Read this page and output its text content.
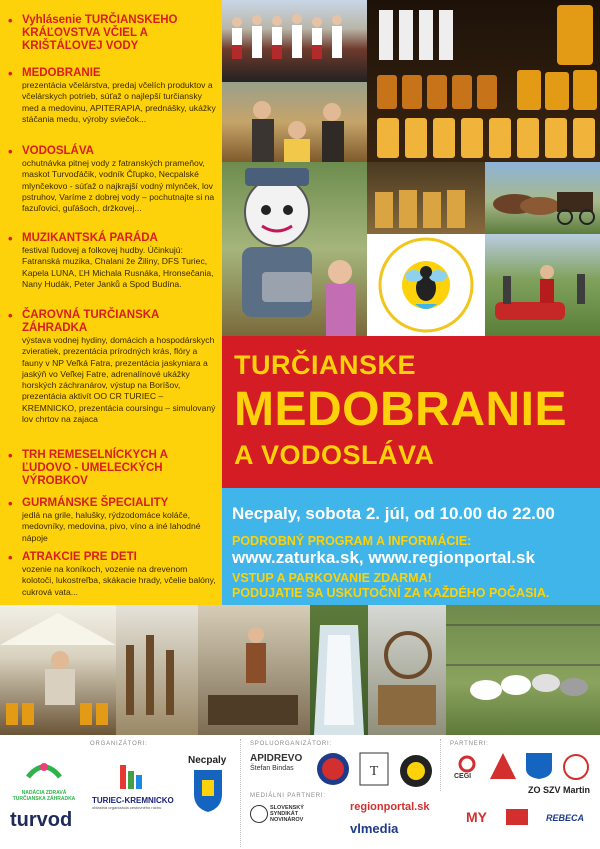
• Vyhlásenie TURČIANSKEHO KRÁĽOVSTVA VČIEL A KRIŠTÁĽOVEJ VODY
• MEDOBRANIE
prezentácia včelárstva, predaj včelích produktov a včelárskych potrieb, súťaž o najlepší turčiansky med a medovinu, APITERAPIA, prednášky, ukážky stáčania medu, výroby sviečok...
• VODOSLÁVA
ochutnávka pitnej vody z fatranských prameňov, maskot Turvoďáčik, vodník Čľupko, Necpalské mlynčekovo - súťaž o najkrajší vodný mlynček, lov pstruhov, Varíme z dobrej vody – pochutnajte si na fazuľovici, guľášoch, držkovej...
• MUZIKANTSKÁ PARÁDA
festival ľudovej a folkovej hudby. Účinkujú: Fatranská muzika, Chalani že Žiliny, DFS Turiec, Kapela LUNA, ĽH Michala Rusnáka, Hronseĉania, Nany Hudák, Peter Janků a Spod Budína.
• ČAROVNÁ TURČIANSKA ZÁHRADKA
výstava vodnej hydiny, domácich a hospodárskych zvieratiek, prezentácia prírodných krás, flóry a fauny v NP Veľká Fatra, prezentácia jaskyniara a jaskýň vo Veľkej Fatre, adrenalínové ukážky horských záchranárov, výstup na Boríšov, prezentácia aktivít OO CR TURIEC – KREMNICKO, prezentácia coursingu – simulovaný lov chrtov na zajaca
• TRH REMESELNÍCKYCH A ĽUDOVO - UMELECKÝCH VÝROBKOV
• GURMÁNSKE ŠPECIALITY
jedlá na grile, halušky, rýdzodomáce koláče, medovníky, medovina, pivo, víno a iné lahodné nápoje
• ATRAKCIE PRE DETI
vozenie na koníkoch, vozenie na drevenom kolotoči, lukostreľba, skákacie hrady, včelie balóny, cukrová vata...
TURČIANSKE
MEDOBRANIE
A VODOSLÁVA
Necpaly, sobota 2. júl, od 10.00 do 22.00
PODROBNÝ PROGRAM A INFORMÁCIE:
www.zaturka.sk, www.regionportal.sk
VSTUP A PARKOVANIE ZDARMA!
PODUJATIE SA USKUTOČNÍ ZA KAŽDÉHO POČASIA.
ORGANIZÁTORI:	SPOLUORGANIZÁTORI:	PARTNERI:
MEDIÁLNI PARTNERI:
NADÁCIA ZDRAVÁ TURČIANSKA ZÁHRADKA
turvod
TURIEC-KREMNICKO
oblastná organizácia cestovného ruchu
Necpaly APIDREVO
Štefan Bindas	T	CEGI
ZO SZV Martin
SLOVENSKÝ SYNDIKÁT NOVINÁROV
regionportal.sk
vlmedia
MY	REBECA
